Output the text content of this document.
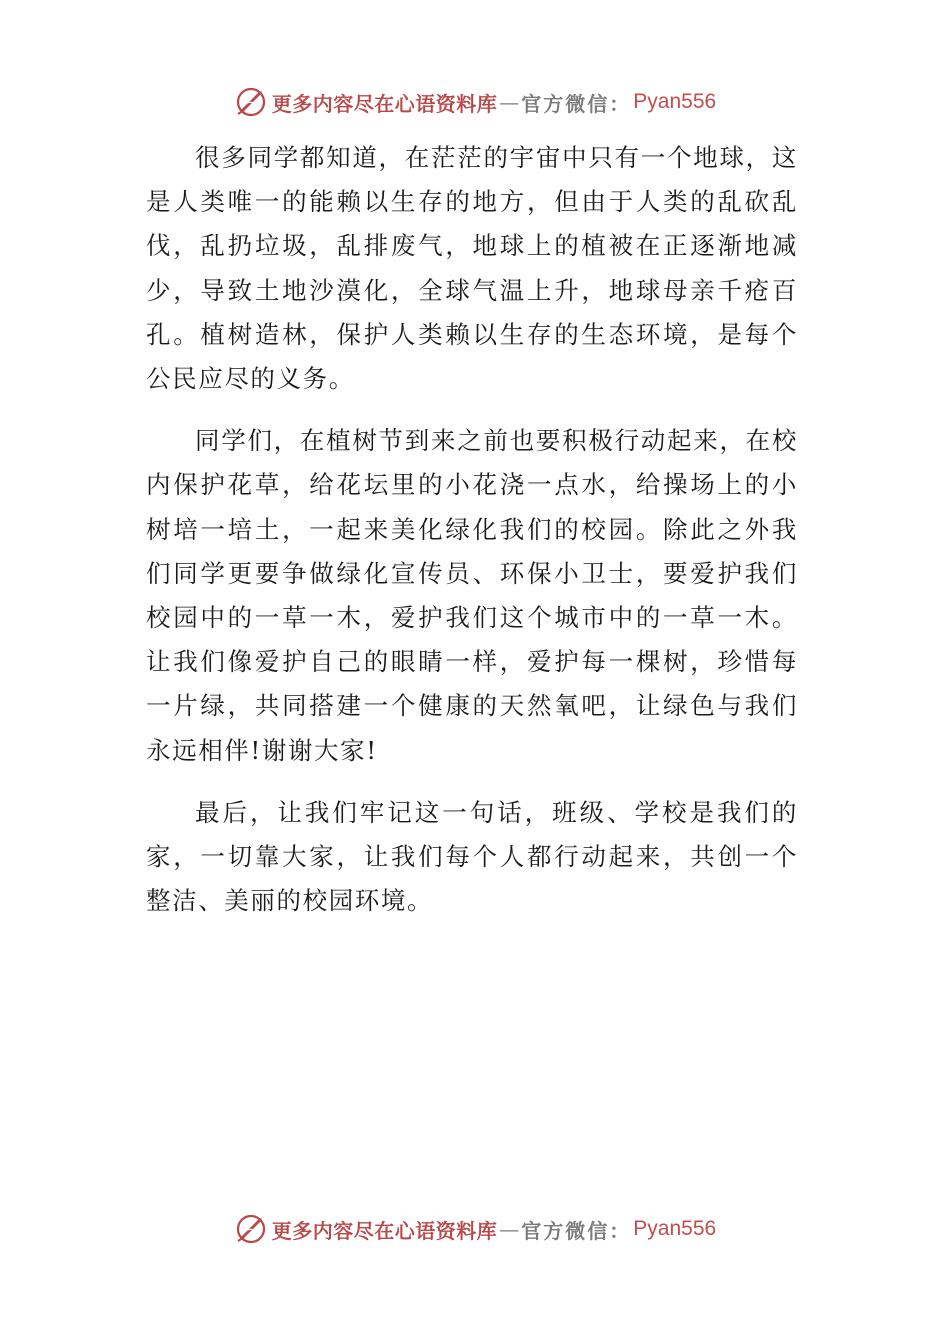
更多内容尽在心语资料库 — 官方微信： Pyan556

很多同学都知道，在茫茫的宇宙中只有一个地球，这是人类唯一的能赖以生存的地方，但由于人类的乱砍乱伐，乱扔垃圾，乱排废气，地球上的植被在正逐渐地减少，导致土地沙漠化，全球气温上升，地球母亲千疮百孔。植树造林，保护人类赖以生存的生态环境，是每个公民应尽的义务。

同学们，在植树节到来之前也要积极行动起来，在校内保护花草，给花坛里的小花浇一点水，给操场上的小树培一培土，一起来美化绿化我们的校园。除此之外我们同学更要争做绿化宣传员、环保小卫士，要爱护我们校园中的一草一木，爱护我们这个城市中的一草一木。让我们像爱护自己的眼睛一样，爱护每一棵树，珍惜每一片绿，共同搭建一个健康的天然氧吧，让绿色与我们永远相伴!谢谢大家!

最后，让我们牢记这一句话，班级、学校是我们的家，一切靠大家，让我们每个人都行动起来，共创一个整洁、美丽的校园环境。

更多内容尽在心语资料库 — 官方微信： Pyan556
